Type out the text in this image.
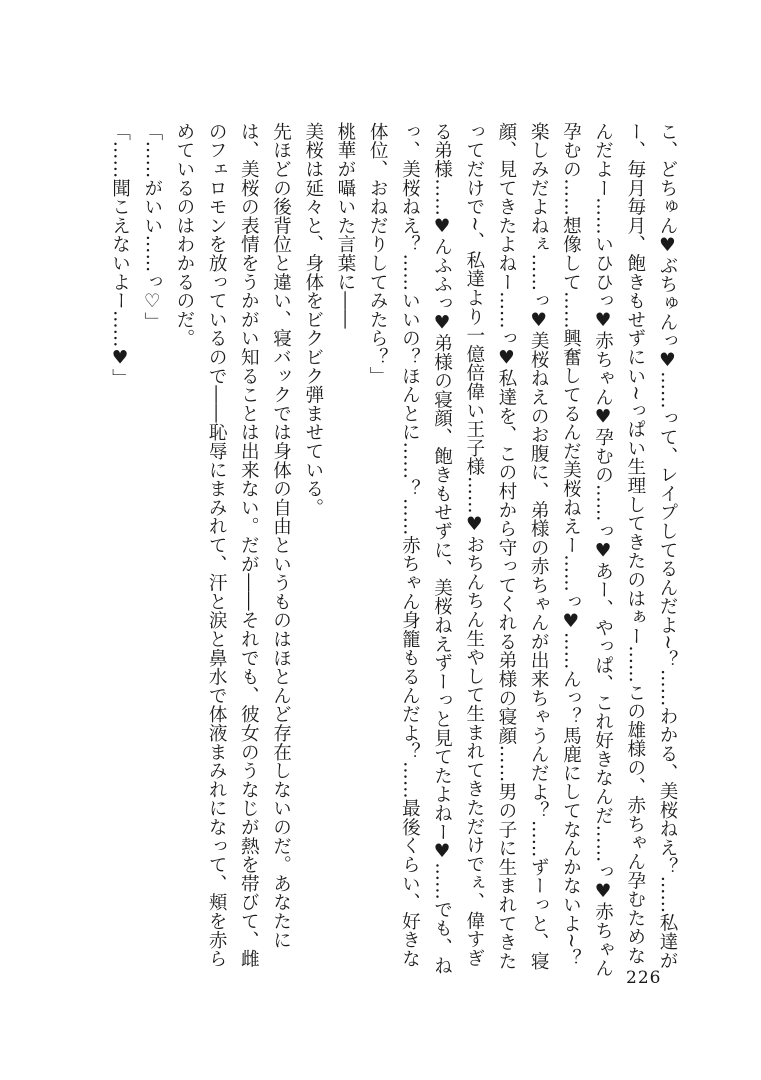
こ、どちゅん♥ぶちゅんっ♥……って、レイプしてるんだよ~？……わかる、美桜ねえ？……私達が

ー、毎月毎月、飽きもせずにい~っぱい生理してきたのはぁー……この雄様の、赤ちゃん孕むためな

んだよー……いひひっ♥赤ちゃん♥孕むの……っ♥あー、やっぱ、これ好きなんだ……っ♥赤ちゃん

孕むの……想像して……興奮してるんだ美桜ねえー……っ♥……んっ？馬鹿にしてなんかないよ~？

楽しみだよねぇ……っ♥美桜ねえのお腹に、弟様の赤ちゃんが出来ちゃうんだよ？……ずーっと、寝

顔、見てきたよねー……っ♥私達を、この村から守ってくれる弟様の寝顔……男の子に生まれてきた

ってだけで~、私達より一億倍偉い王子様……♥おちんちん生やして生まれてきただけでぇ、偉すぎ

る弟様……♥んふふっ♥弟様の寝顔、飽きもせずに、美桜ねえずーっと見てたよねー♥……でも、ね

っ、美桜ねえ？……いいの？ほんとに……？……赤ちゃん身籠もるんだよ？……最後くらい、好きな

体位、おねだりしてみたら？」

桃華が囁いた言葉に――

美桜は延々と、身体をビクビク弾ませている。

先ほどの後背位と違い、寝バックでは身体の自由というものはほとんど存在しないのだ。あなたに

は、美桜の表情をうかがい知ることは出来ない。だが――それでも、彼女のうなじが熱を帯びて、雌

のフェロモンを放っているので――恥辱にまみれて、汗と涙と鼻水で体液まみれになって、頬を赤ら

めているのはわかるのだ。

「……がいい……っ♡」

「……聞こえないよー……♥」

226
